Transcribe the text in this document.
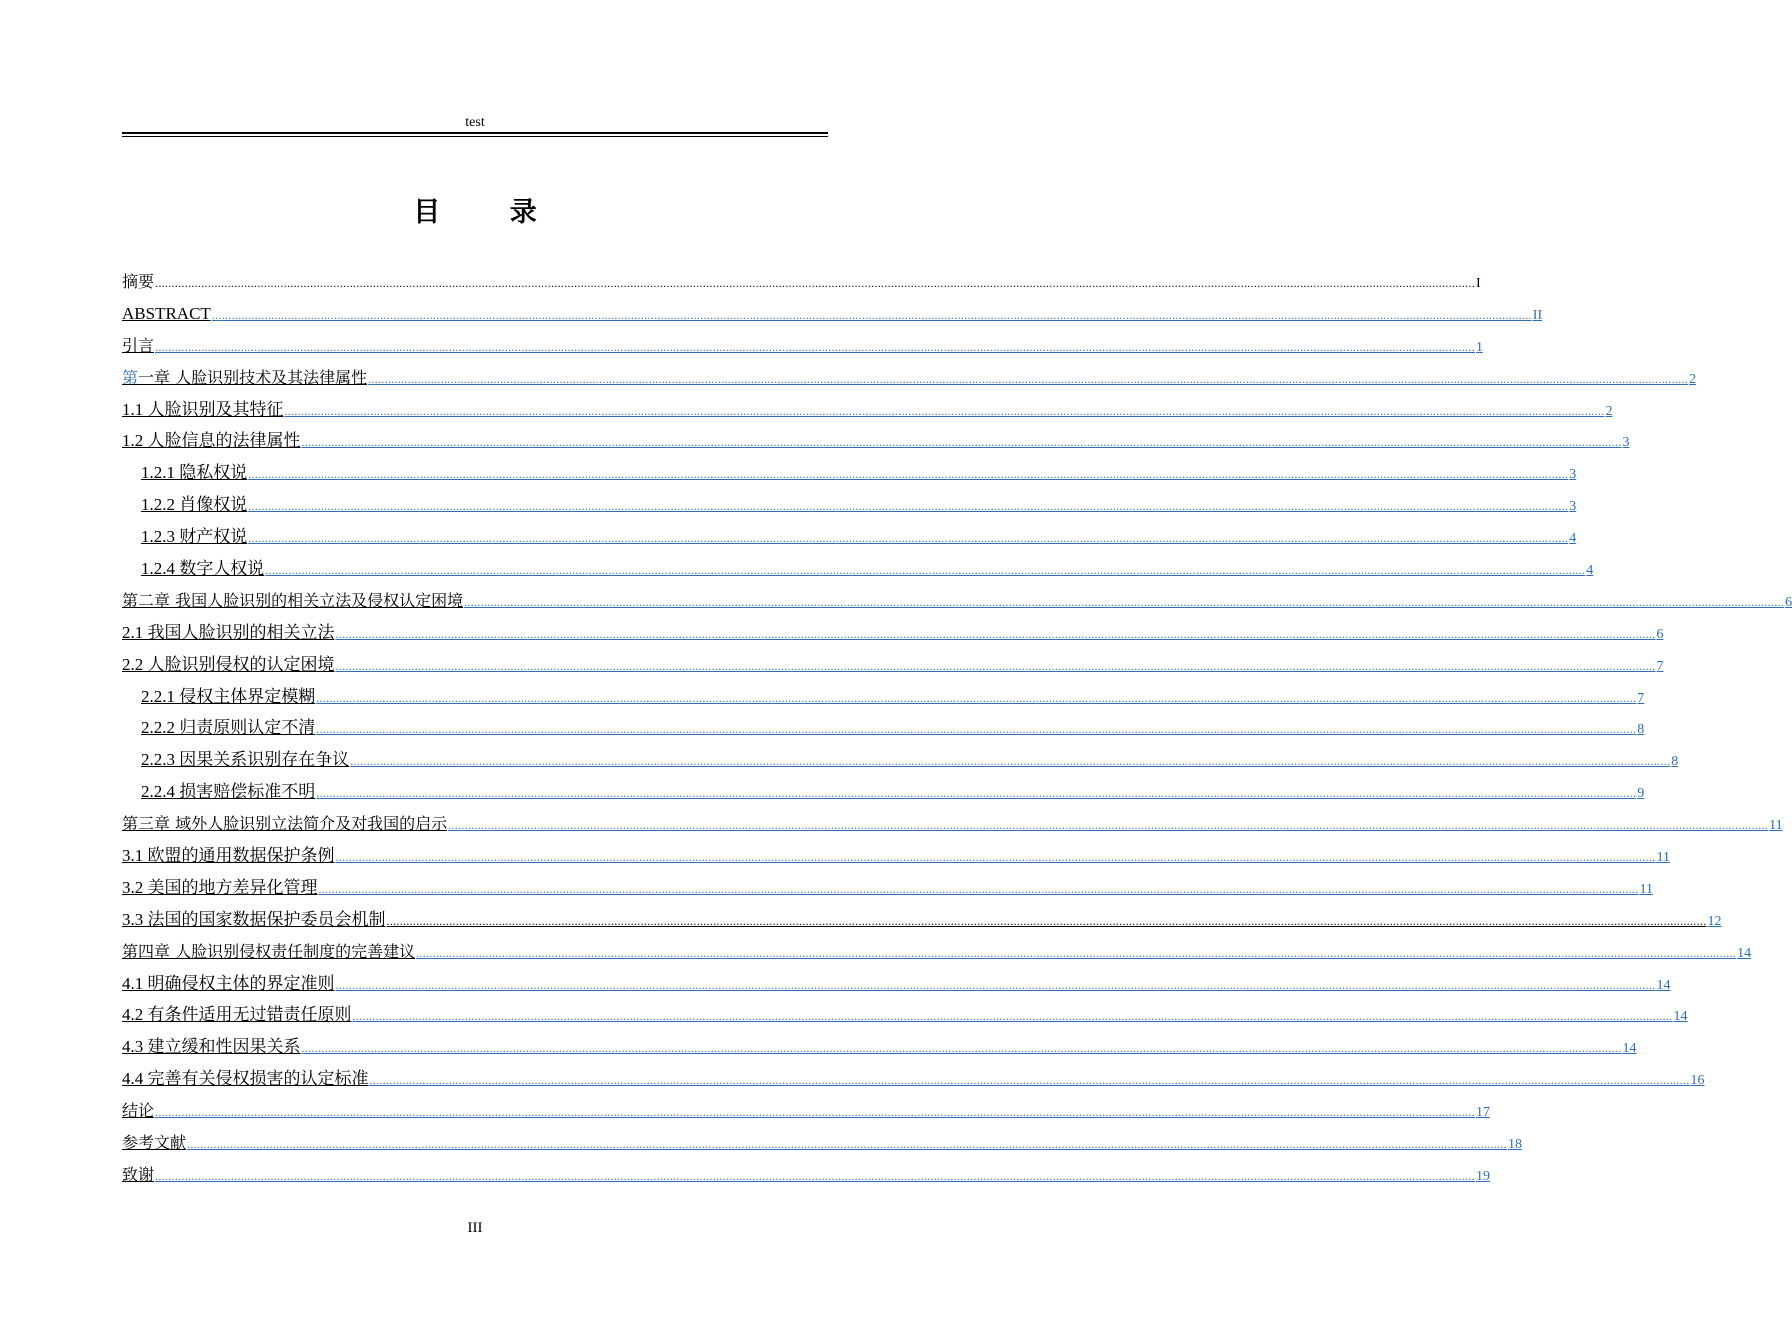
test
目 录
摘要 ................................................................................................................................................................................................................................................................................................................................................................................................................ I
ABSTRACT ................................................................................................................................................................................................................................................................................................................................................................................................................ II
引言 ................................................................................................................................................................................................................................................................................................................................................................................................................ 1
第一章 人脸识别技术及其法律属性 ................................................................................................................................................................................................................................................................................................................................................................................................................ 2
1.1 人脸识别及其特征 ................................................................................................................................................................................................................................................................................................................................................................................................................ 2
1.2 人脸信息的法律属性 ................................................................................................................................................................................................................................................................................................................................................................................................................ 3
1.2.1 隐私权说 ................................................................................................................................................................................................................................................................................................................................................................................................................ 3
1.2.2 肖像权说 ................................................................................................................................................................................................................................................................................................................................................................................................................ 3
1.2.3 财产权说 ................................................................................................................................................................................................................................................................................................................................................................................................................ 4
1.2.4 数字人权说 ................................................................................................................................................................................................................................................................................................................................................................................................................ 4
第二章 我国人脸识别的相关立法及侵权认定困境 ................................................................................................................................................................................................................................................................................................................................................................................................................ 6
2.1 我国人脸识别的相关立法 ................................................................................................................................................................................................................................................................................................................................................................................................................ 6
2.2 人脸识别侵权的认定困境 ................................................................................................................................................................................................................................................................................................................................................................................................................ 7
2.2.1 侵权主体界定模糊 ................................................................................................................................................................................................................................................................................................................................................................................................................ 7
2.2.2 归责原则认定不清 ................................................................................................................................................................................................................................................................................................................................................................................................................ 8
2.2.3 因果关系识别存在争议 ................................................................................................................................................................................................................................................................................................................................................................................................................ 8
2.2.4 损害赔偿标准不明 ................................................................................................................................................................................................................................................................................................................................................................................................................ 9
第三章 域外人脸识别立法简介及对我国的启示 ................................................................................................................................................................................................................................................................................................................................................................................................................ 11
3.1 欧盟的通用数据保护条例 ................................................................................................................................................................................................................................................................................................................................................................................................................ 11
3.2 美国的地方差异化管理 ................................................................................................................................................................................................................................................................................................................................................................................................................ 11
3.3 法国的国家数据保护委员会机制 ................................................................................................................................................................................................................................................................................................................................................................................................................ 12
第四章 人脸识别侵权责任制度的完善建议 ................................................................................................................................................................................................................................................................................................................................................................................................................ 14
4.1 明确侵权主体的界定准则 ................................................................................................................................................................................................................................................................................................................................................................................................................ 14
4.2 有条件适用无过错责任原则 ................................................................................................................................................................................................................................................................................................................................................................................................................ 14
4.3 建立缓和性因果关系 ................................................................................................................................................................................................................................................................................................................................................................................................................ 14
4.4 完善有关侵权损害的认定标准 ................................................................................................................................................................................................................................................................................................................................................................................................................ 16
结论 ................................................................................................................................................................................................................................................................................................................................................................................................................ 17
参考文献 ................................................................................................................................................................................................................................................................................................................................................................................................................ 18
致谢 ................................................................................................................................................................................................................................................................................................................................................................................................................ 19
III
